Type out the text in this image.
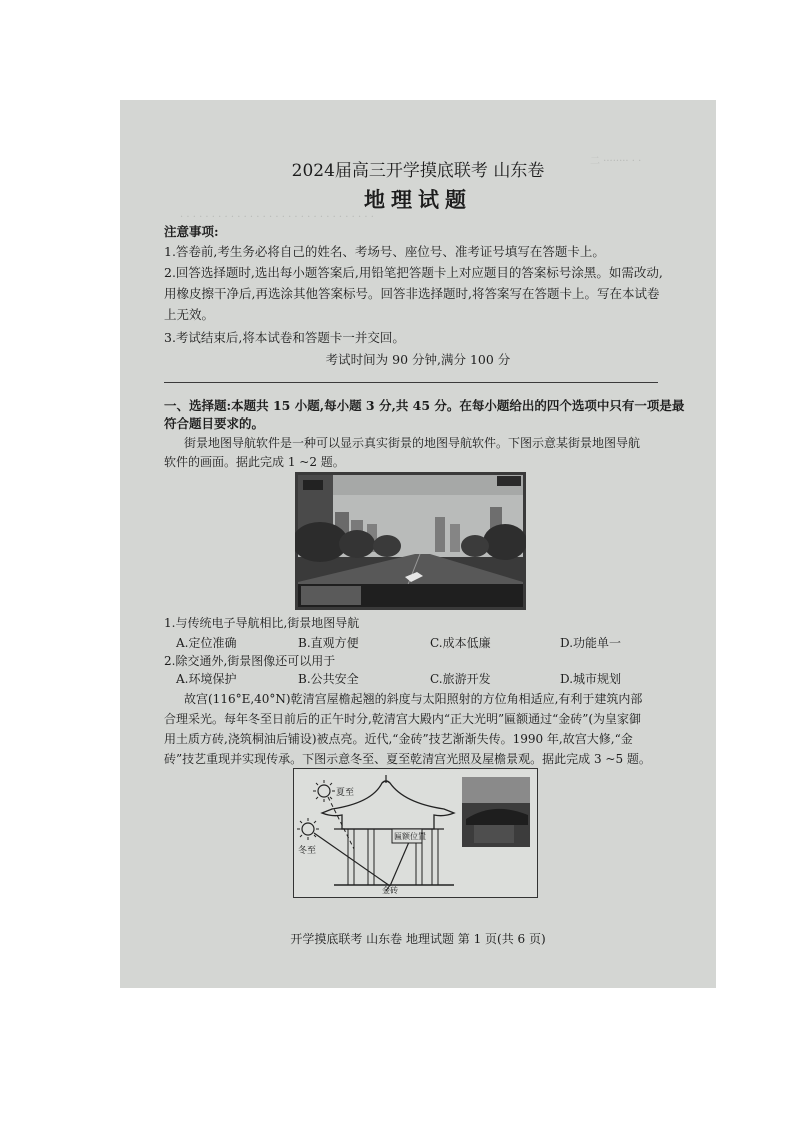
二 ········ · ·
· · · · · · · · · · · · · · · · · · · · · · · · · · · · · · ·
2024届高三开学摸底联考 山东卷
地理试题
注意事项:
1.答卷前,考生务必将自己的姓名、考场号、座位号、准考证号填写在答题卡上。
2.回答选择题时,选出每小题答案后,用铅笔把答题卡上对应题目的答案标号涂黑。如需改动,
用橡皮擦干净后,再选涂其他答案标号。回答非选择题时,将答案写在答题卡上。写在本试卷
上无效。
3.考试结束后,将本试卷和答题卡一并交回。
考试时间为 90 分钟,满分 100 分
一、选择题:本题共 15 小题,每小题 3 分,共 45 分。在每小题给出的四个选项中只有一项是最
符合题目要求的。
街景地图导航软件是一种可以显示真实街景的地图导航软件。下图示意某街景地图导航
软件的画面。据此完成 1 ~2 题。
1.与传统电子导航相比,街景地图导航
A.定位准确	B.直观方便	C.成本低廉	D.功能单一
2.除交通外,街景图像还可以用于
A.环境保护	B.公共安全	C.旅游开发	D.城市规划
故宫(116°E,40°N)乾清宫屋檐起翘的斜度与太阳照射的方位角相适应,有利于建筑内部
合理采光。每年冬至日前后的正午时分,乾清宫大殿内“正大光明”匾额通过“金砖”(为皇家御
用土质方砖,浇筑桐油后铺设)被点亮。近代,“金砖”技艺渐渐失传。1990 年,故宫大修,“金
砖”技艺重现并实现传承。下图示意冬至、夏至乾清宫光照及屋檐景观。据此完成 3 ~5 题。
夏至
冬至
匾额位置
金砖
开学摸底联考 山东卷 地理试题 第 1 页(共 6 页)
